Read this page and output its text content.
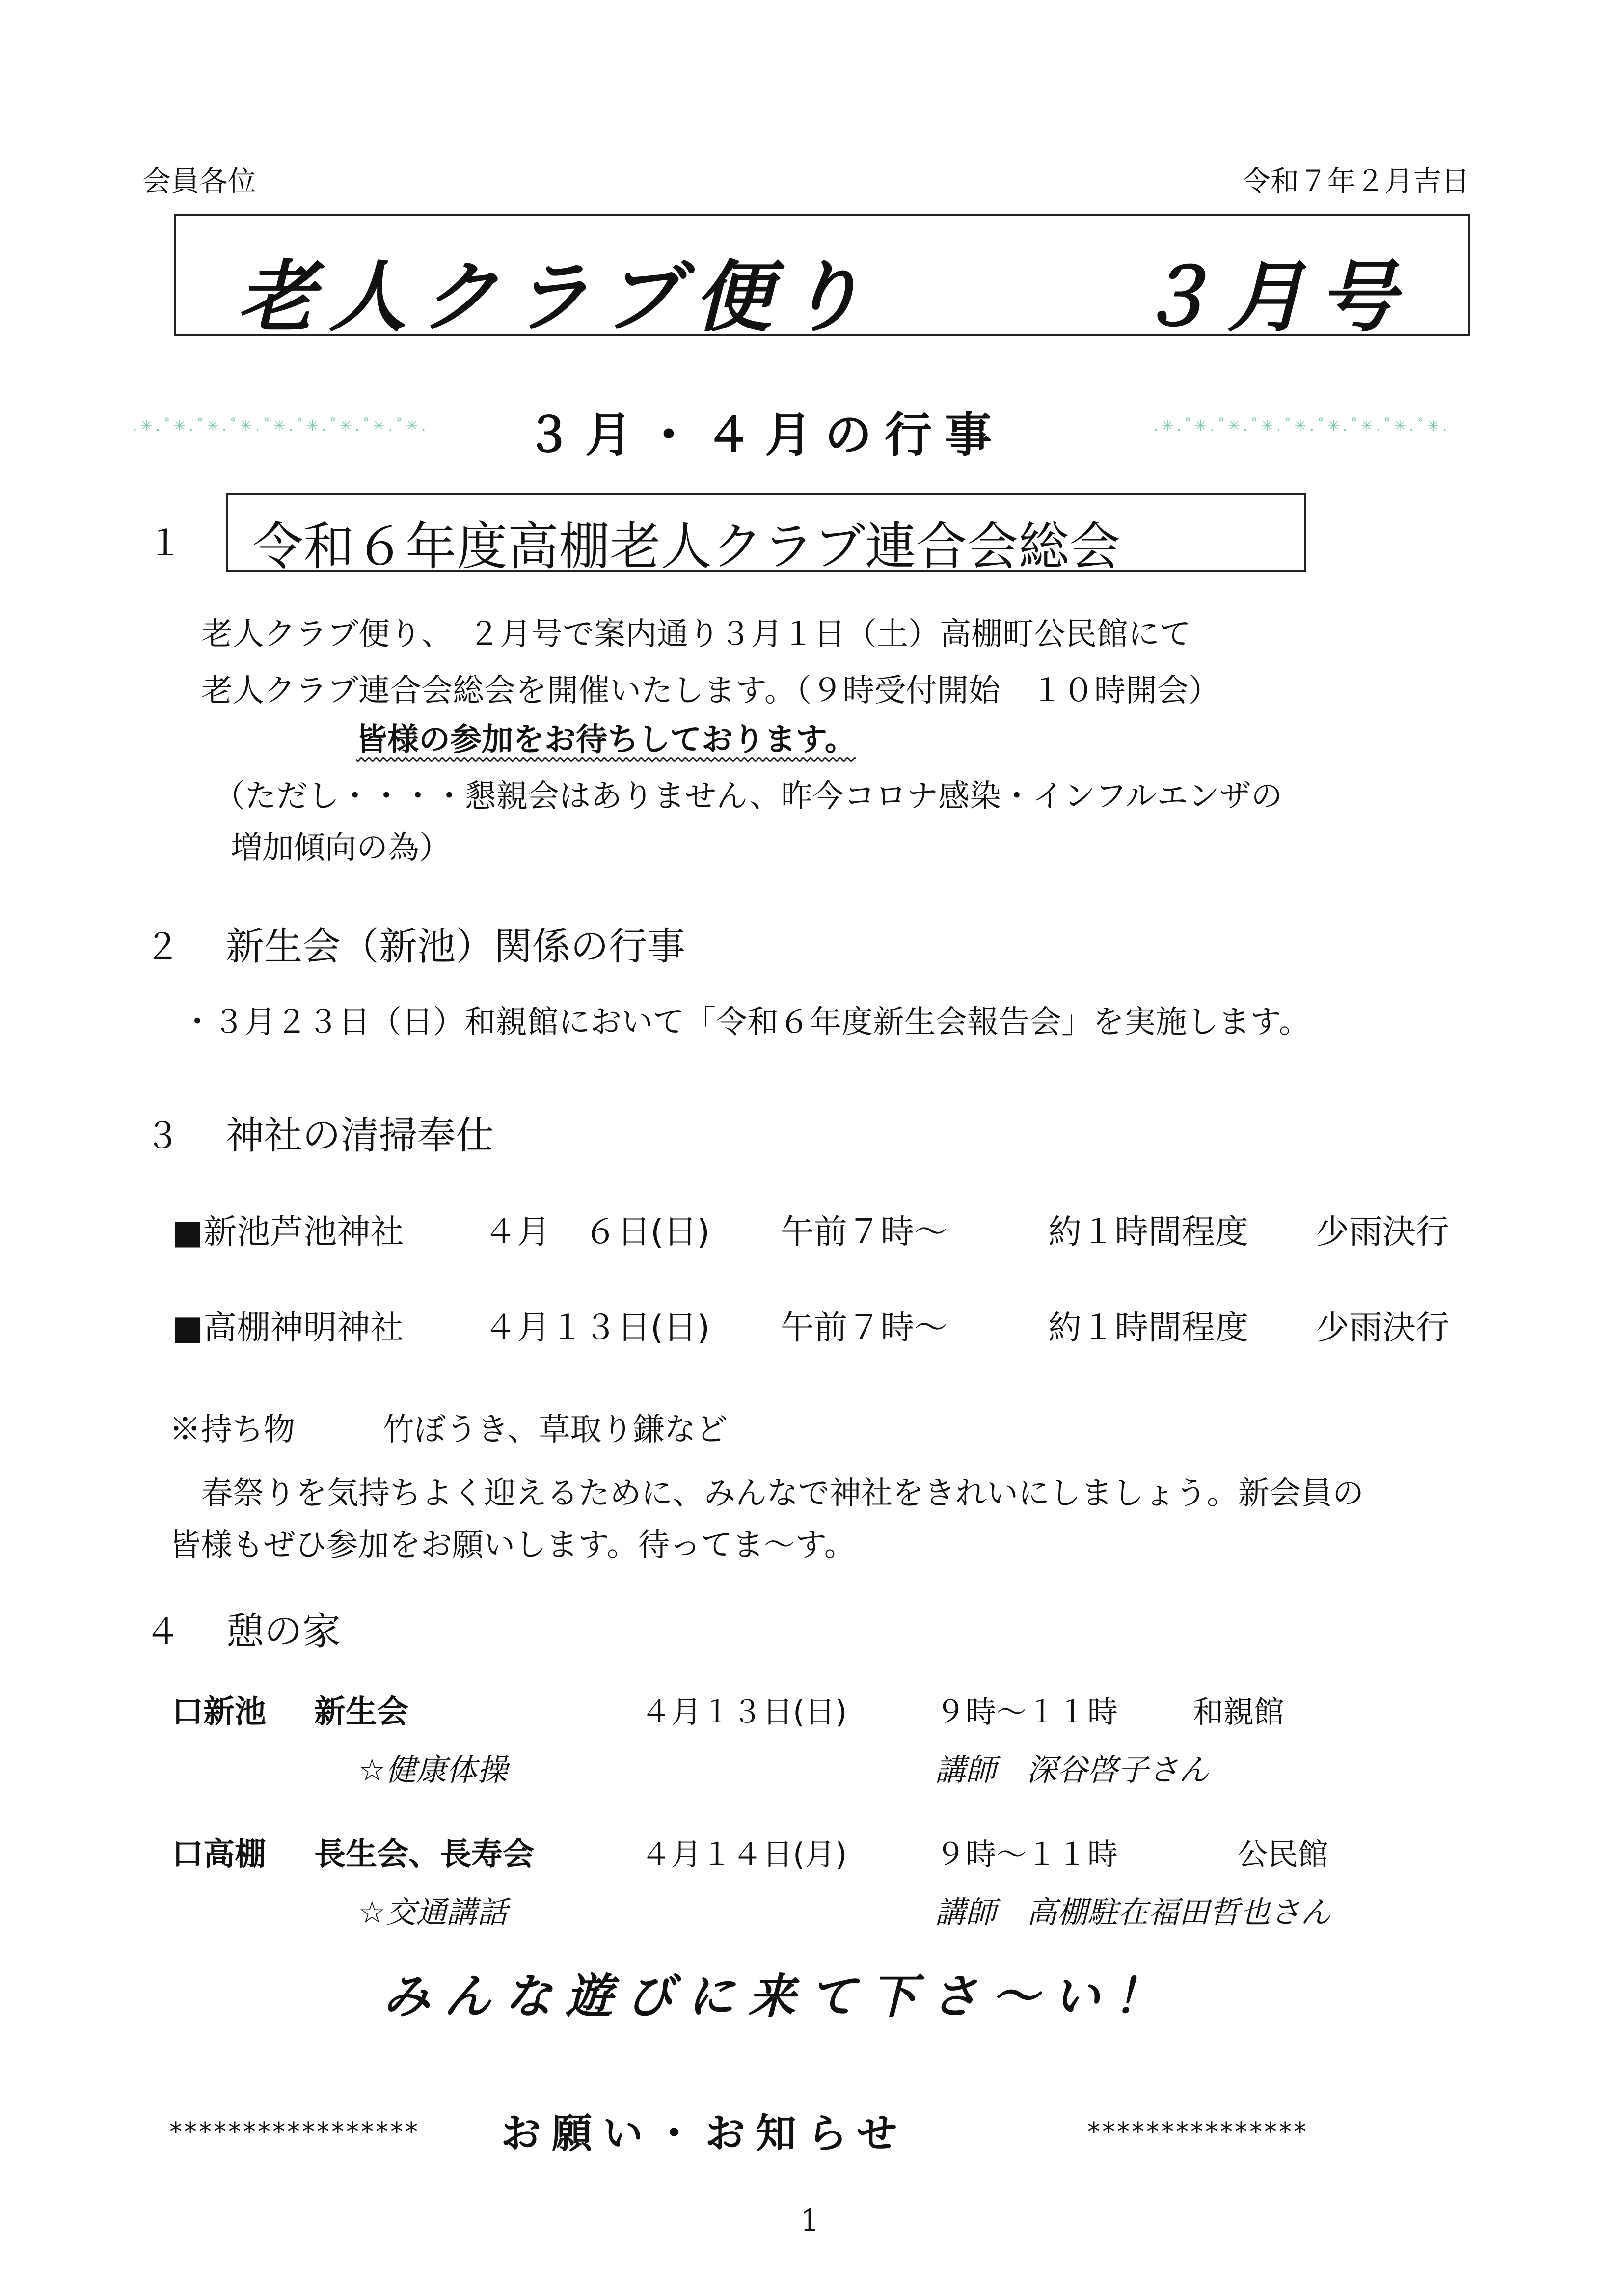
会員各位	令和７年２月吉日
老人クラブ便り	３月号
.✳︎.˚✳︎.˚✳︎.˚✳︎.˚✳︎.˚✳︎.˚✳︎.˚✳︎.˚✳︎. ３月・４月の行事	.✳︎.˚✳︎.˚✳︎.˚✳︎.˚✳︎.˚✳︎.˚✳︎.˚✳︎.˚✳︎.
１ 令和６年度高棚老人クラブ連合会総会
老人クラブ便り、　２月号で案内通り３月１日（土）高棚町公民館にて
老人クラブ連合会総会を開催いたします。（９時受付開始　１０時開会）
皆様の参加をお待ちしております。
（ただし・・・・懇親会はありません、昨今コロナ感染・インフルエンザの
増加傾向の為）
２ 新生会（新池）関係の行事
・３月２３日（日）和親館において「令和６年度新生会報告会」を実施します。
３ 神社の清掃奉仕
■新池芦池神社 ４月　６日(日) 午前７時～	約１時間程度 少雨決行
■高棚神明神社 ４月１３日(日) 午前７時～	約１時間程度 少雨決行
※持ち物	竹ぼうき、草取り鎌など
春祭りを気持ちよく迎えるために、みんなで神社をきれいにしましょう。新会員の
皆様もぜひ参加をお願いします。待ってま～す。
４ 憩の家
口新池 新生会	４月１３日(日)	９時～１１時 和親館
☆健康体操	講師　深谷啓子さん
口高棚 長生会、長寿会	４月１４日(月)	９時～１１時	公民館
☆交通講話	講師　高棚駐在福田哲也さん
みんな遊びに来て下さ～い！
***************** お願い・お知らせ	***************
1
